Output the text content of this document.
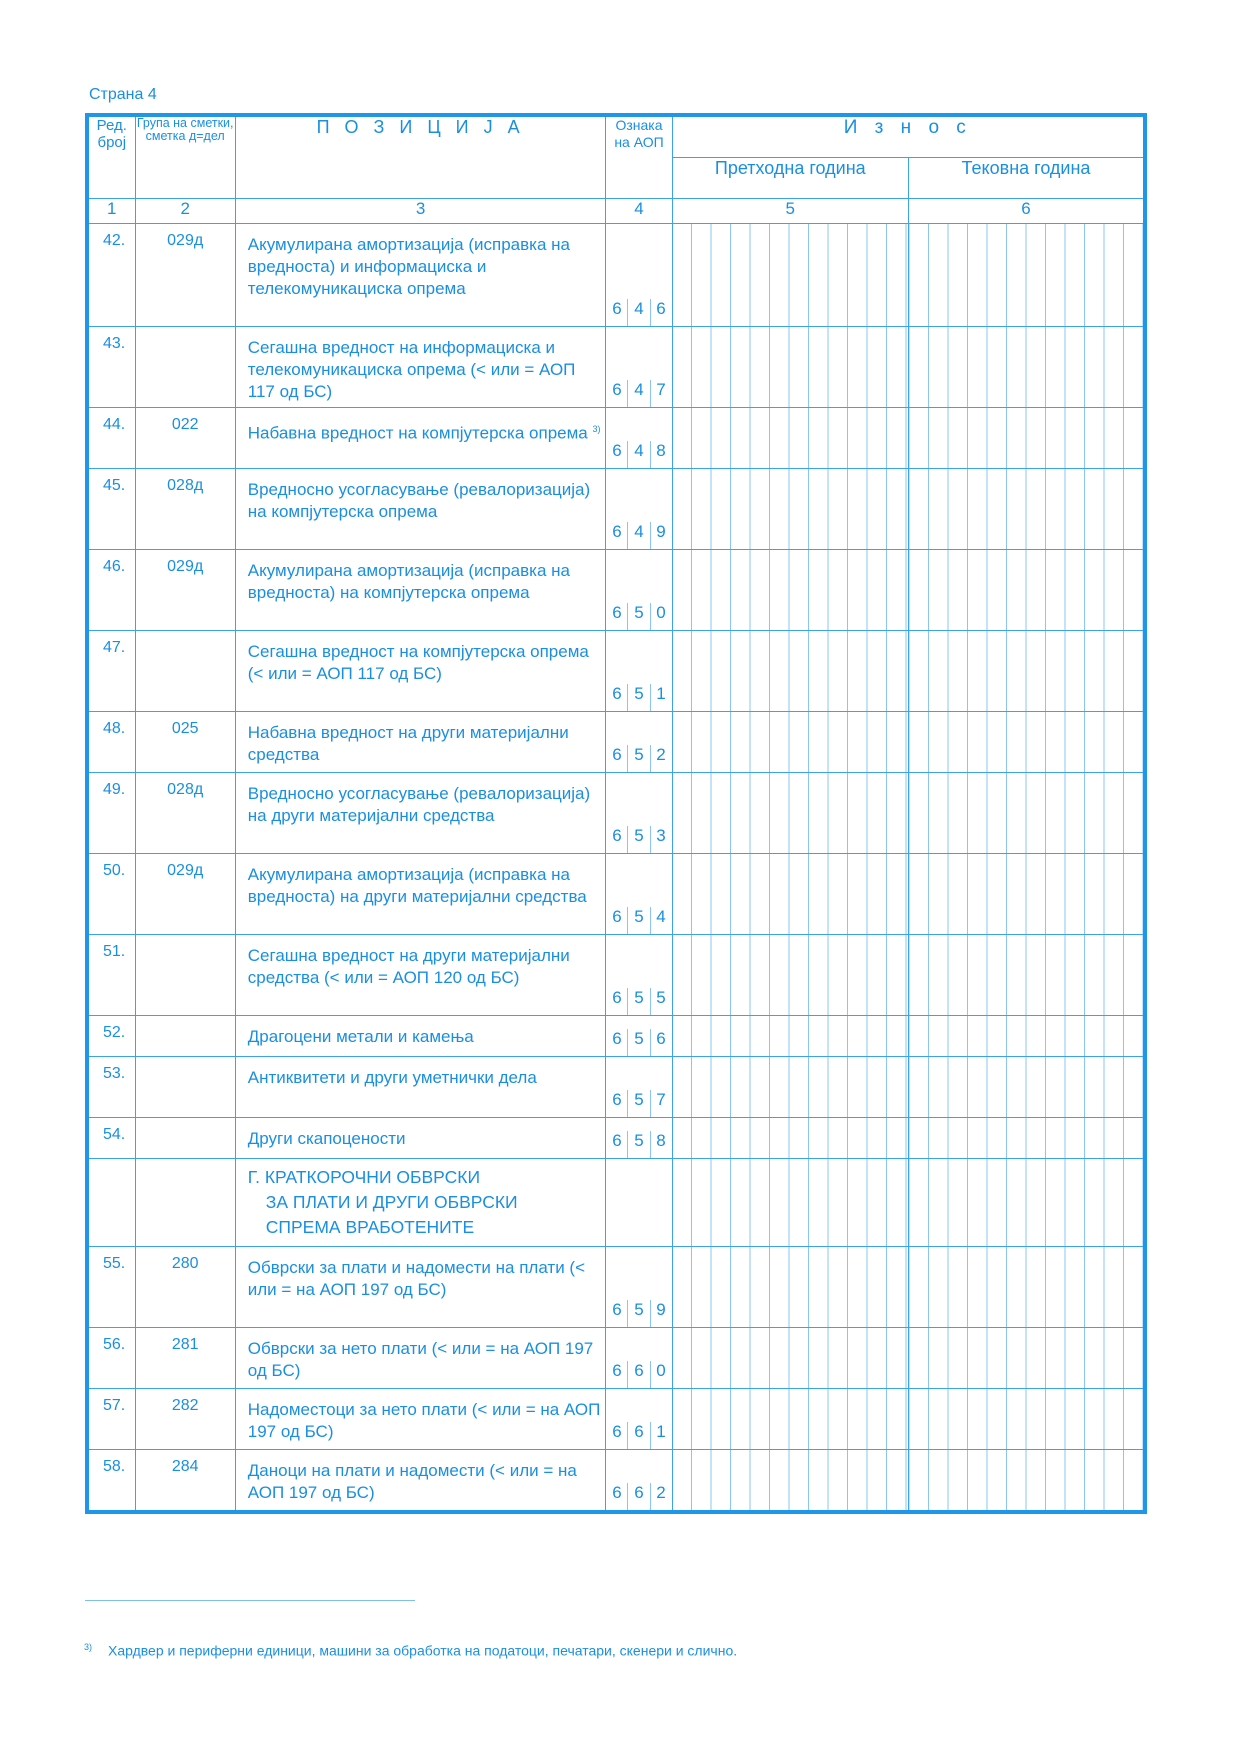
Страна 4
Ред. број	Група на сметки, сметка д=дел	П О З И Ц И Ј А	Ознака на АОП	И з н о с	
				Претходна година	Тековна година
1	2	3	4	5	6
42.	029д	Акумулирана амортизација (исправка на вредноста) и информациска и телекомуникациска опрема	6 4 6		

43.		Сегашна вредност на информациска и телекомуникациска опрема (< или = АОП 117 од БС)	6 4 7		

44.	022	Набавна вредност на компјутерска опрема $^{3)}$	6 4 8		

45.	028д	Вредносно усогласување (ревалоризација) на компјутерска опрема	6 4 9		

46.	029д	Акумулирана амортизација (исправка на вредноста) на компјутерска опрема	6 5 0		

47.		Сегашна вредност на компјутерска опрема (< или = АОП 117 од БС)	6 5 1		

48.	025	Набавна вредност на други материјални средства	6 5 2		

49.	028д	Вредносно усогласување (ревалоризација) на други материјални средства	6 5 3		

50.	029д	Акумулирана амортизација (исправка на вредноста) на други материјални средства	6 5 4		

51.		Сегашна вредност на други материјални средства (< или = АОП 120 од БС)	6 5 5		

52.		Драгоцени метали и камења	6 5 6		

53.		Антиквитети и други уметнички дела	6 5 7		

54.		Други скапоцености	6 5 8		

		Г. КРАТКОРОЧНИ ОБВРСКИ
ЗА ПЛАТИ И ДРУГИ ОБВРСКИ
СПРЕМА ВРАБОТЕНИТЕ			

55.	280	Обврски за плати и надомести на плати (< или = на АОП 197 од БС)	6 5 9		

56.	281	Обврски за нето плати (< или = на АОП 197 од БС)	6 6 0		

57.	282	Надоместоци за нето плати (< или = на АОП 197 од БС)	6 6 1		

58.	284	Даноци на плати и надомести (< или = на АОП 197 од БС)	6 6 2		

$^{3)}$ Хардвер и периферни единици, машини за обработка на податоци, печатари, скенери и слично.
